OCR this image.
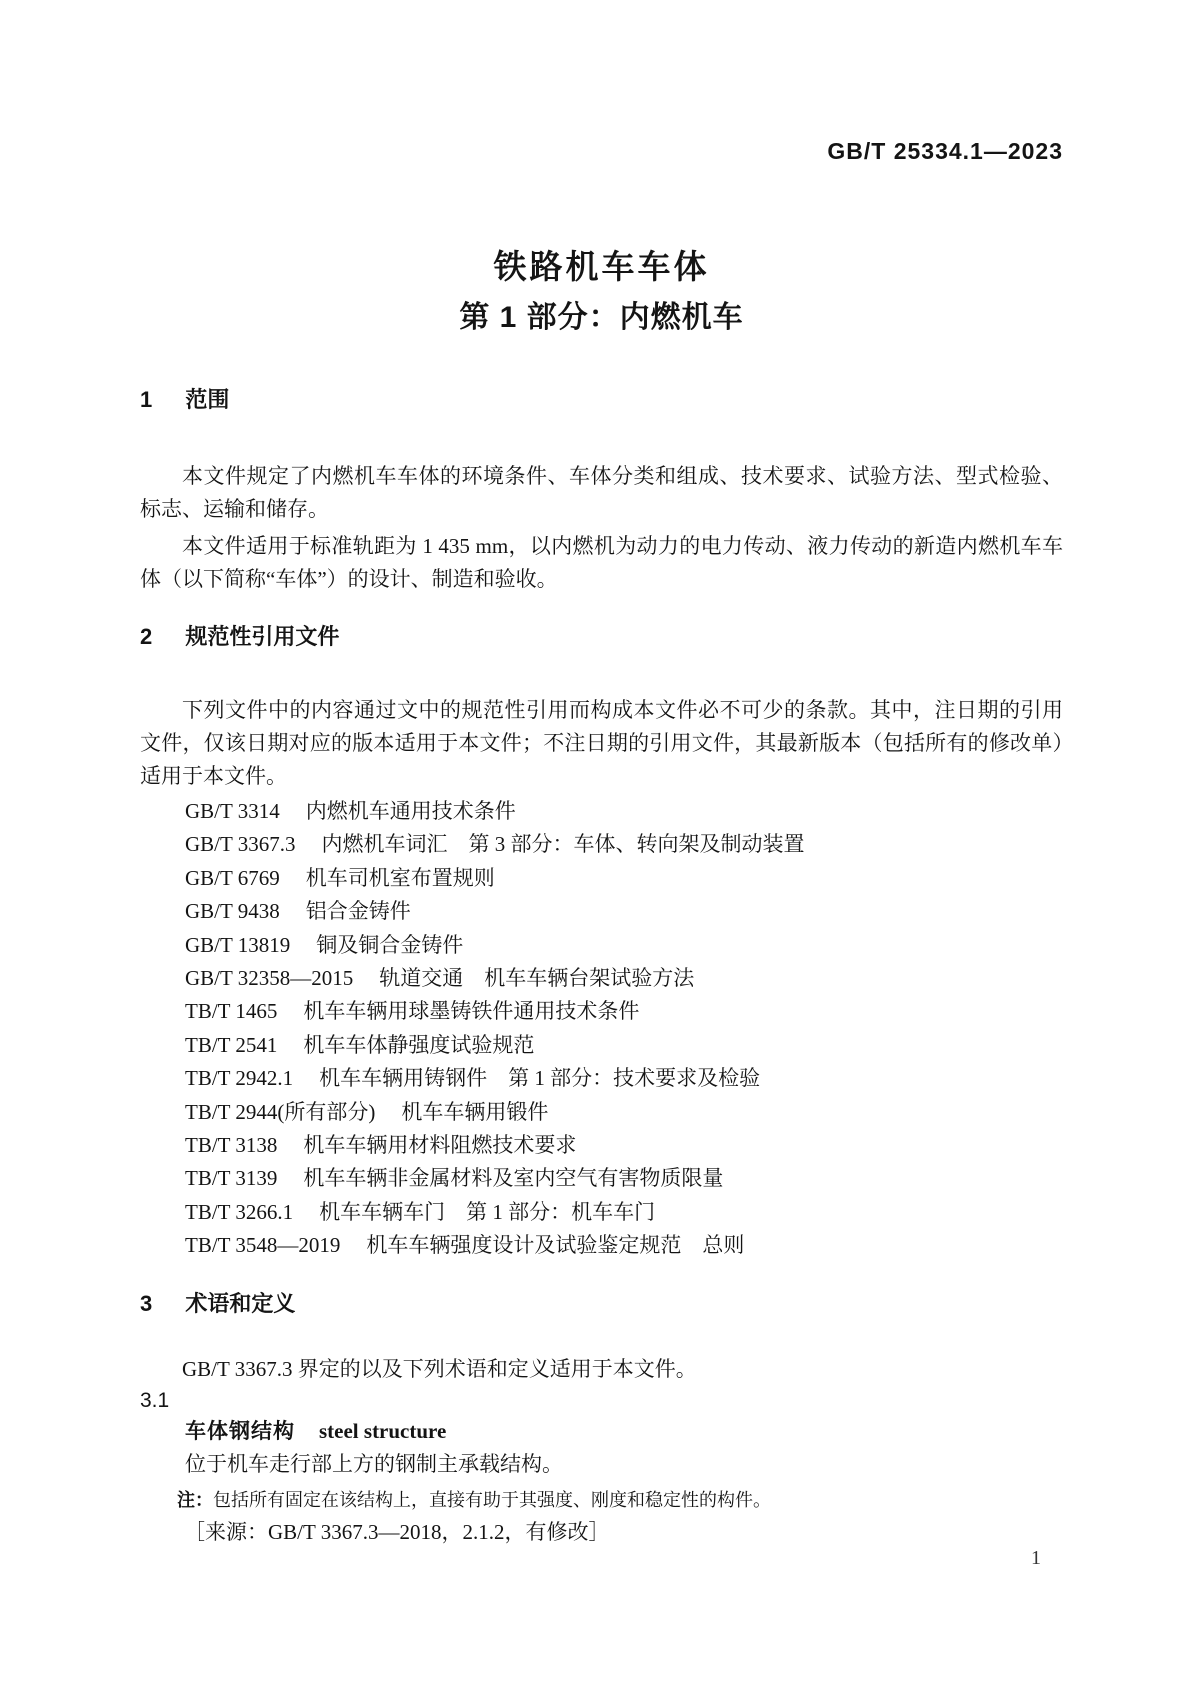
GB/T 25334.1—2023

铁路机车车体
第 1 部分：内燃机车
1 范围

本文件规定了内燃机车车体的环境条件、车体分类和组成、技术要求、试验方法、型式检验、标志、运输和储存。

本文件适用于标准轨距为 1 435 mm，以内燃机为动力的电力传动、液力传动的新造内燃机车车体（以下简称“车体”）的设计、制造和验收。

2 规范性引用文件

下列文件中的内容通过文中的规范性引用而构成本文件必不可少的条款。其中，注日期的引用文件，仅该日期对应的版本适用于本文件；不注日期的引用文件，其最新版本（包括所有的修改单）适用于本文件。

GB/T 3314 内燃机车通用技术条件
GB/T 3367.3 内燃机车词汇　第 3 部分：车体、转向架及制动装置
GB/T 6769 机车司机室布置规则
GB/T 9438 铝合金铸件
GB/T 13819 铜及铜合金铸件
GB/T 32358—2015 轨道交通　机车车辆台架试验方法
TB/T 1465 机车车辆用球墨铸铁件通用技术条件
TB/T 2541 机车车体静强度试验规范
TB/T 2942.1 机车车辆用铸钢件　第 1 部分：技术要求及检验
TB/T 2944(所有部分) 机车车辆用锻件
TB/T 3138 机车车辆用材料阻燃技术要求
TB/T 3139 机车车辆非金属材料及室内空气有害物质限量
TB/T 3266.1 机车车辆车门　第 1 部分：机车车门
TB/T 3548—2019 机车车辆强度设计及试验鉴定规范　总则
3 术语和定义

GB/T 3367.3 界定的以及下列术语和定义适用于本文件。

3.1

车体钢结构 steel structure

位于机车走行部上方的钢制主承载结构。

注：包括所有固定在该结构上，直接有助于其强度、刚度和稳定性的构件。

［来源：GB/T 3367.3—2018，2.1.2，有修改］

1
